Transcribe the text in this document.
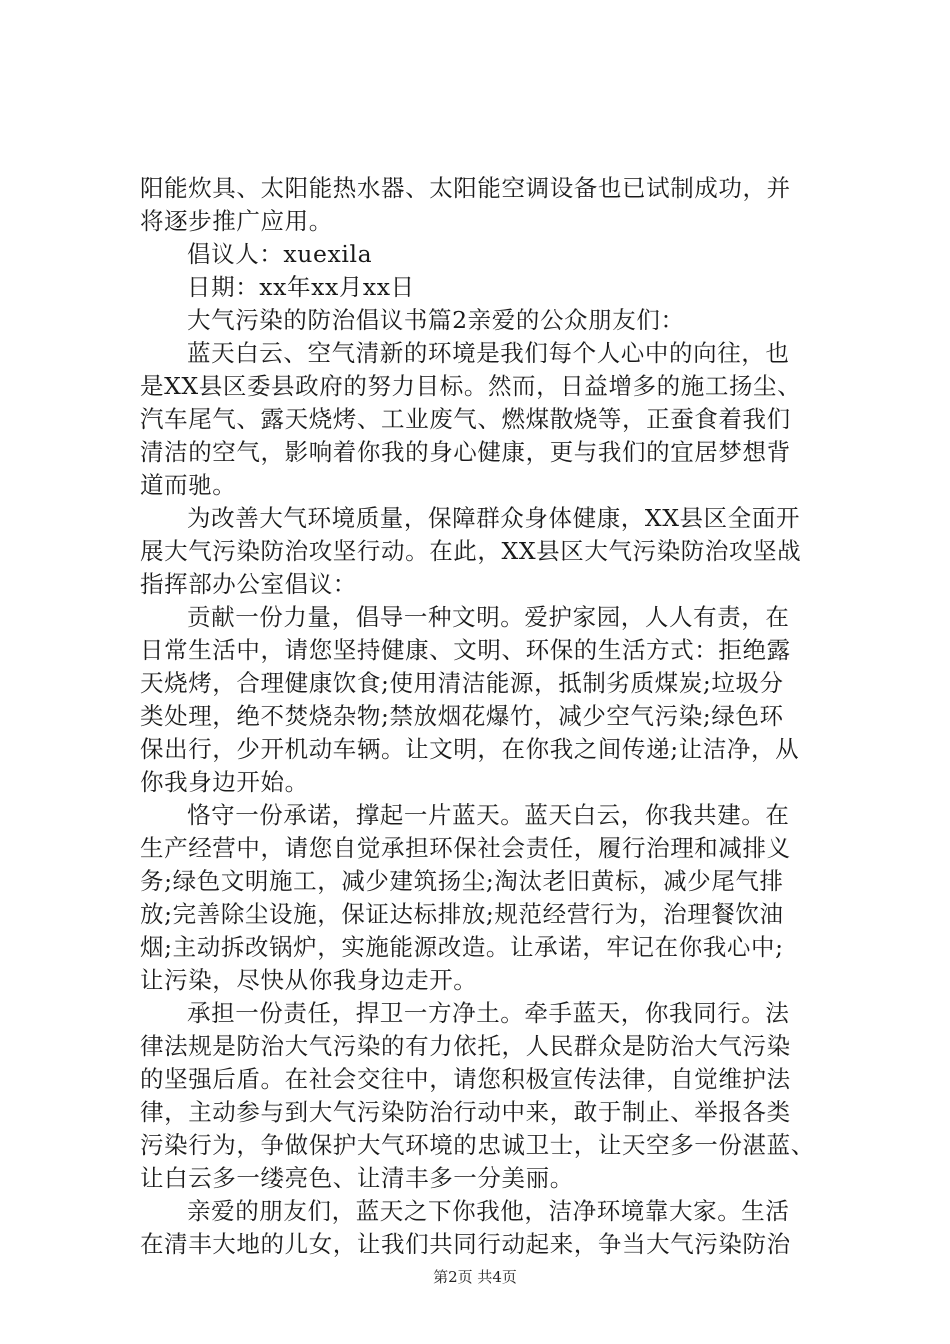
阳能炊具、太阳能热水器、太阳能空调设备也已试制成功，并
将逐步推广应用。
倡议人：xuexila
日期：xx年xx月xx日
大气污染的防治倡议书篇2亲爱的公众朋友们：
蓝天白云、空气清新的环境是我们每个人心中的向往，也
是XX县区委县政府的努力目标。然而，日益增多的施工扬尘、
汽车尾气、露天烧烤、工业废气、燃煤散烧等，正蚕食着我们
清洁的空气，影响着你我的身心健康，更与我们的宜居梦想背
道而驰。
为改善大气环境质量，保障群众身体健康，XX县区全面开
展大气污染防治攻坚行动。在此，XX县区大气污染防治攻坚战
指挥部办公室倡议：
贡献一份力量，倡导一种文明。爱护家园，人人有责，在
日常生活中，请您坚持健康、文明、环保的生活方式：拒绝露
天烧烤，合理健康饮食;使用清洁能源，抵制劣质煤炭;垃圾分
类处理，绝不焚烧杂物;禁放烟花爆竹，减少空气污染;绿色环
保出行，少开机动车辆。让文明，在你我之间传递;让洁净，从
你我身边开始。
恪守一份承诺，撑起一片蓝天。蓝天白云，你我共建。在
生产经营中，请您自觉承担环保社会责任，履行治理和减排义
务;绿色文明施工，减少建筑扬尘;淘汰老旧黄标，减少尾气排
放;完善除尘设施，保证达标排放;规范经营行为，治理餐饮油
烟;主动拆改锅炉，实施能源改造。让承诺，牢记在你我心中;
让污染，尽快从你我身边走开。
承担一份责任，捍卫一方净土。牵手蓝天，你我同行。法
律法规是防治大气污染的有力依托，人民群众是防治大气污染
的坚强后盾。在社会交往中，请您积极宣传法律，自觉维护法
律，主动参与到大气污染防治行动中来，敢于制止、举报各类
污染行为，争做保护大气环境的忠诚卫士，让天空多一份湛蓝、
让白云多一缕亮色、让清丰多一分美丽。
亲爱的朋友们，蓝天之下你我他，洁净环境靠大家。生活
在清丰大地的儿女，让我们共同行动起来，争当大气污染防治
第2页 共4页
